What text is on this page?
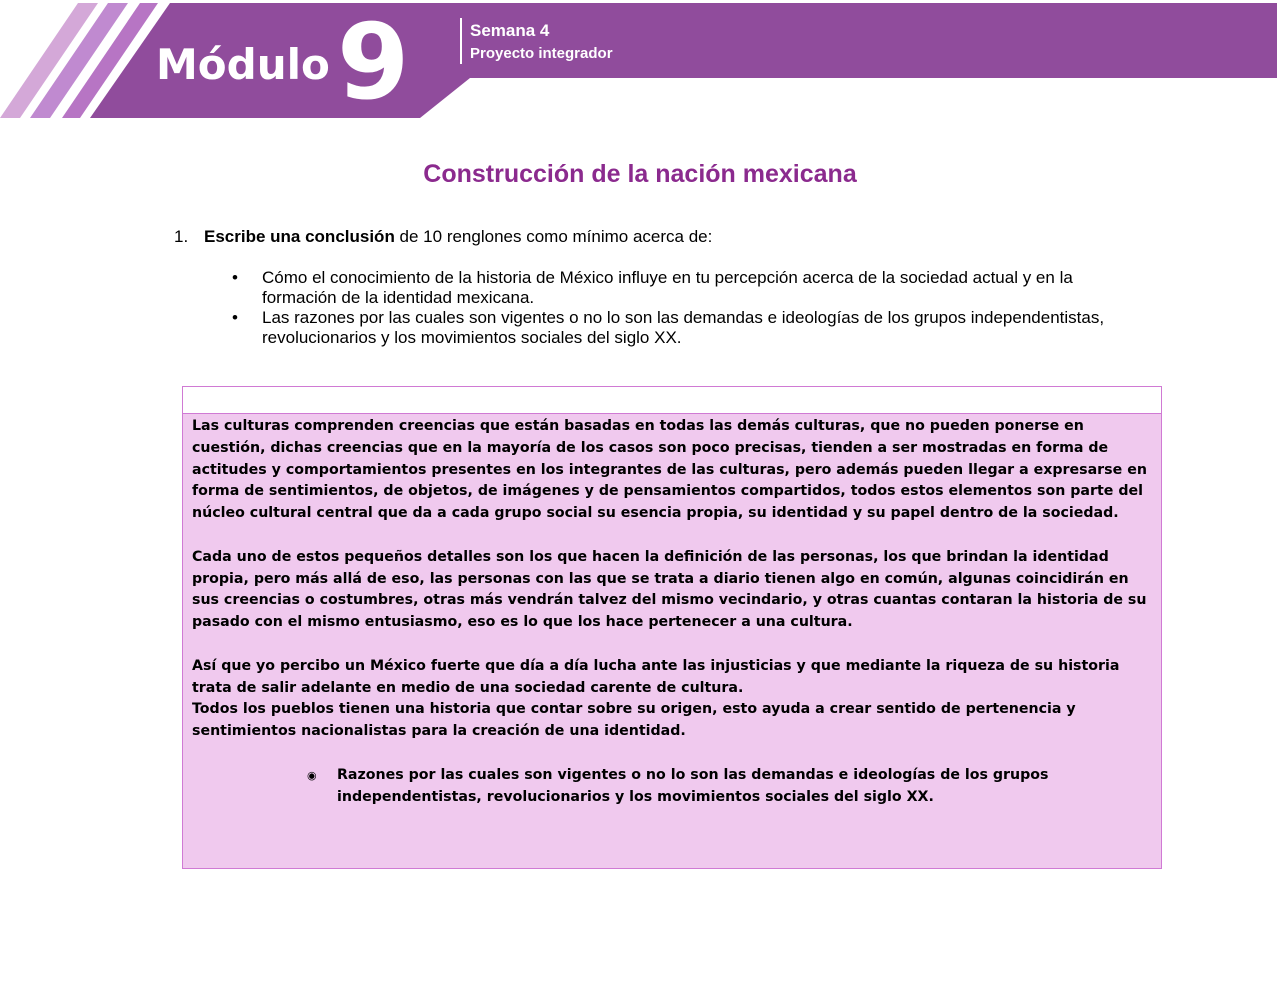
Módulo 9	Semana 4
Proyecto integrador
Construcción de la nación mexicana
1. Escribe una conclusión de 10 renglones como mínimo acerca de:
• Cómo el conocimiento de la historia de México influye en tu percepción acerca de la sociedad actual y en la formación de la identidad mexicana.
• Las razones por las cuales son vigentes o no lo son las demandas e ideologías de los grupos independentistas, revolucionarios y los movimientos sociales del siglo XX.

Las culturas comprenden creencias que están basadas en todas las demás culturas, que no pueden ponerse en cuestión, dichas creencias que en la mayoría de los casos son poco precisas, tienden a ser mostradas en forma de actitudes y comportamientos presentes en los integrantes de las culturas, pero además pueden llegar a expresarse en forma de sentimientos, de objetos, de imágenes y de pensamientos compartidos, todos estos elementos son parte del núcleo cultural central que da a cada grupo social su esencia propia, su identidad y su papel dentro de la sociedad.

Cada uno de estos pequeños detalles son los que hacen la definición de las personas, los que brindan la identidad propia, pero más allá de eso, las personas con las que se trata a diario tienen algo en común, algunas coincidirán en sus creencias o costumbres, otras más vendrán talvez del mismo vecindario, y otras cuantas contaran la historia de su pasado con el mismo entusiasmo, eso es lo que los hace pertenecer a una cultura.

Así que yo percibo un México fuerte que día a día lucha ante las injusticias y que mediante la riqueza de su historia trata de salir adelante en medio de una sociedad carente de cultura.

Todos los pueblos tienen una historia que contar sobre su origen, esto ayuda a crear sentido de pertenencia y sentimientos nacionalistas para la creación de una identidad.

◉ Razones por las cuales son vigentes o no lo son las demandas e ideologías de los grupos independentistas, revolucionarios y los movimientos sociales del siglo XX.
